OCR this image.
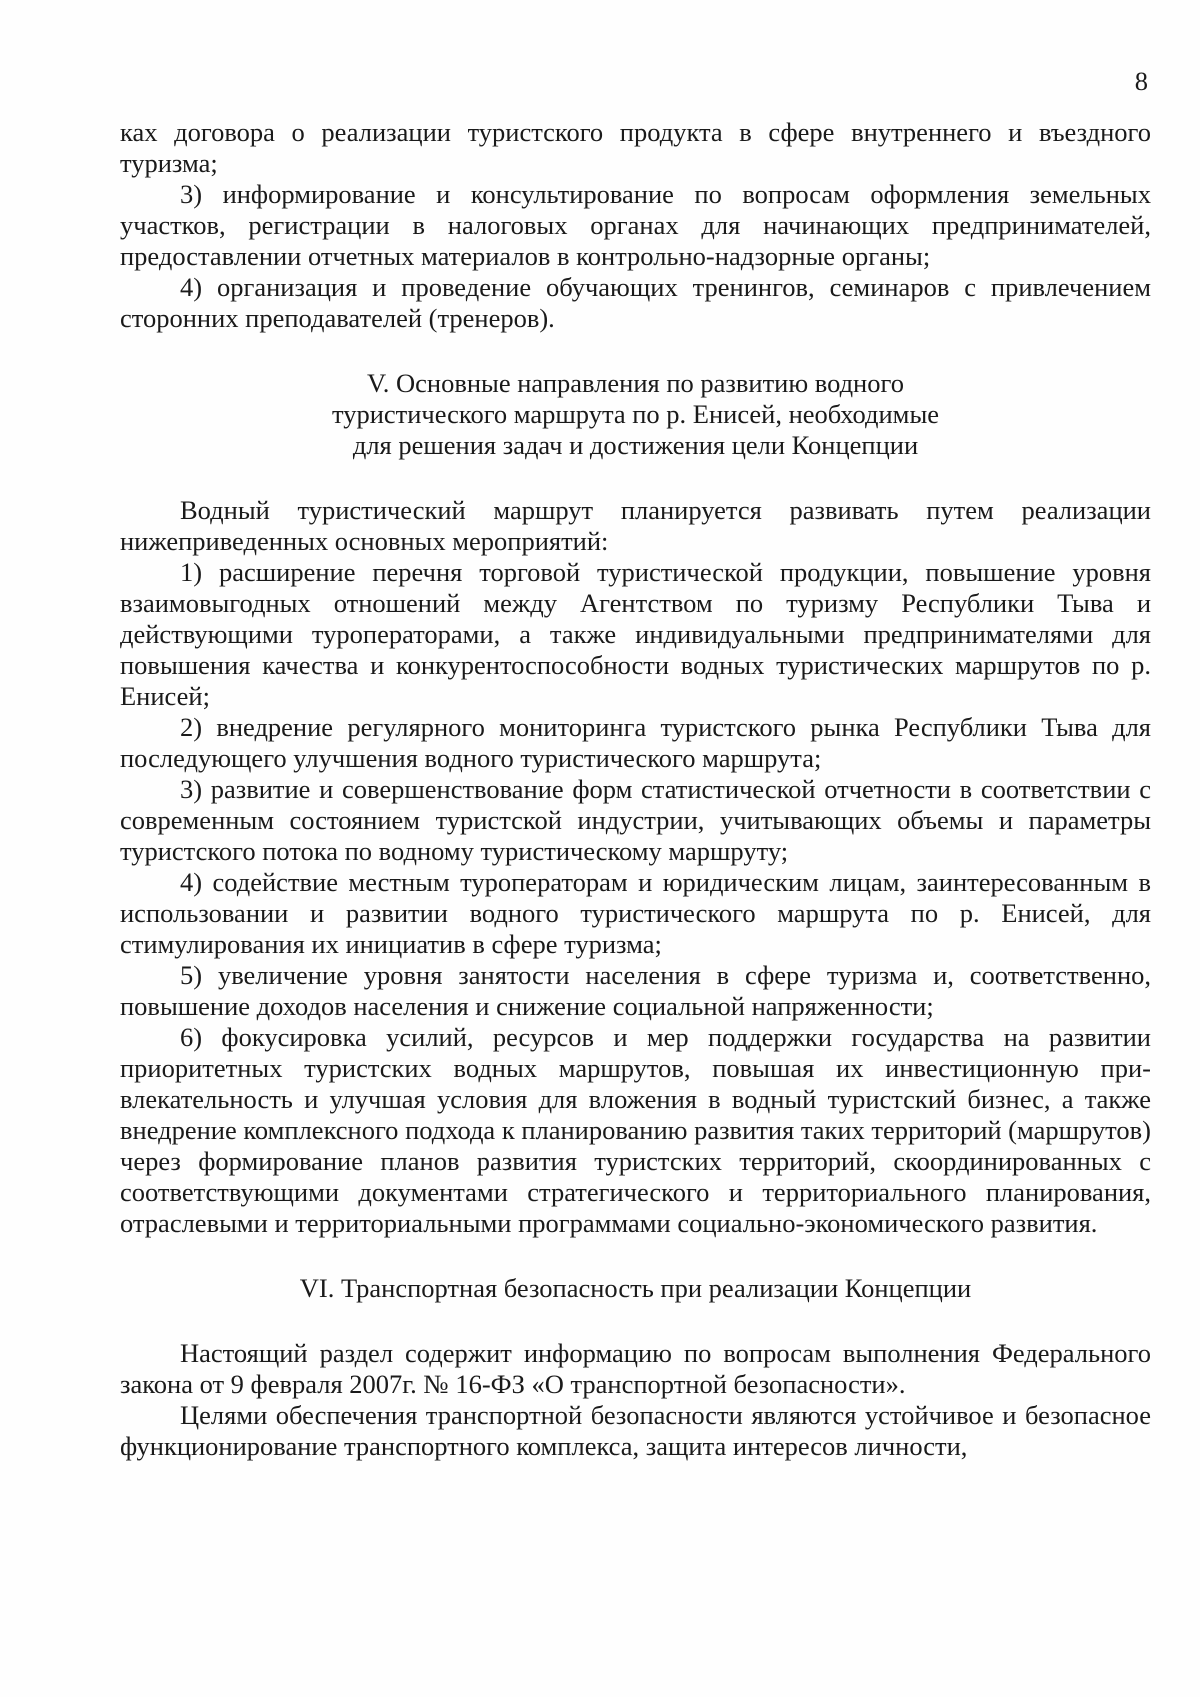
8

ках договора о реализации туристского продукта в сфере внутреннего и въездного туризма;

3) информирование и консультирование по вопросам оформления земельных участков, регистрации в налоговых органах для начинающих предпринимателей, предоставлении отчетных материалов в контрольно-надзорные органы;

4) организация и проведение обучающих тренингов, семинаров с привлечением сторонних преподавателей (тренеров).

V. Основные направления по развитию водного
туристического маршрута по р. Енисей, необходимые
для решения задач и достижения цели Концепции

Водный туристический маршрут планируется развивать путем реализации нижеприведенных основных мероприятий:

1) расширение перечня торговой туристической продукции, повышение уровня взаимовыгодных отношений между Агентством по туризму Республики Тыва и действующими туроператорами, а также индивидуальными предпринимателями для повышения качества и конкурентоспособности водных туристических маршрутов по р. Енисей;

2) внедрение регулярного мониторинга туристского рынка Республики Тыва для последующего улучшения водного туристического маршрута;

3) развитие и совершенствование форм статистической отчетности в соответствии с современным состоянием туристской индустрии, учитывающих объемы и параметры туристского потока по водному туристическому маршруту;

4) содействие местным туроператорам и юридическим лицам, заинтересованным в использовании и развитии водного туристического маршрута по р. Енисей, для стимулирования их инициатив в сфере туризма;

5) увеличение уровня занятости населения в сфере туризма и, соответственно, повышение доходов населения и снижение социальной напряженности;

6) фокусировка усилий, ресурсов и мер поддержки государства на развитии приоритетных туристских водных маршрутов, повышая их инвестиционную привлекательность и улучшая условия для вложения в водный туристский бизнес, а также внедрение комплексного подхода к планированию развития таких территорий (маршрутов) через формирование планов развития туристских территорий, скоординированных с соответствующими документами стратегического и территориального планирования, отраслевыми и территориальными программами социально-экономического развития.

VI. Транспортная безопасность при реализации Концепции

Настоящий раздел содержит информацию по вопросам выполнения Федерального закона от 9 февраля 2007г. № 16-ФЗ «О транспортной безопасности».

Целями обеспечения транспортной безопасности являются устойчивое и безопасное функционирование транспортного комплекса, защита интересов личности,
